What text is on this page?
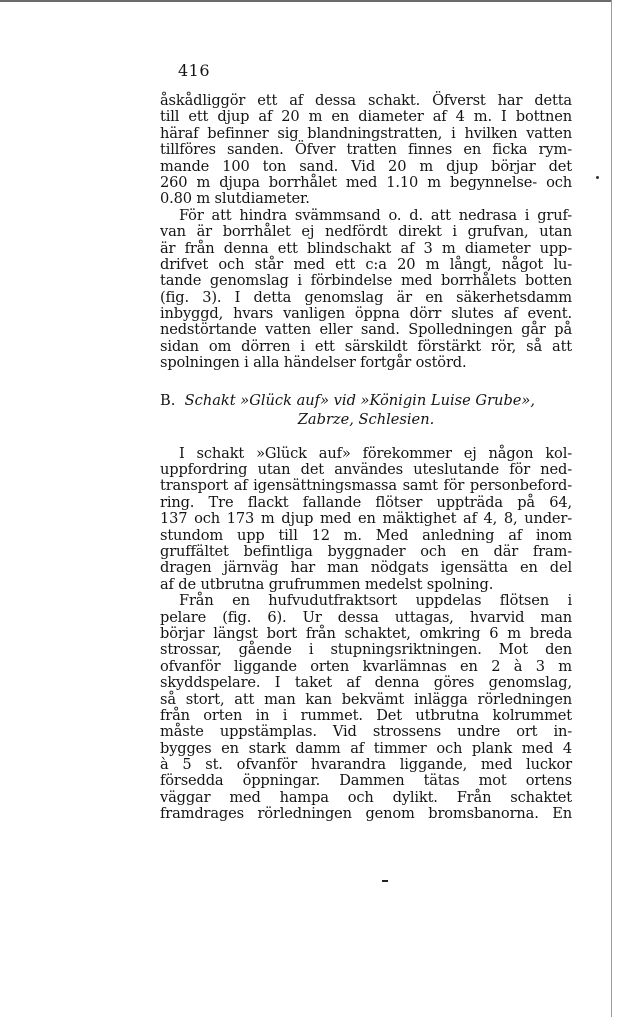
416
åskådliggör ett af dessa schakt. Öfverst har detta
till ett djup af 20 m en diameter af 4 m. I bottnen
häraf befinner sig blandningstratten, i hvilken vatten
tillföres sanden. Öfver tratten finnes en ficka rym-
mande 100 ton sand. Vid 20 m djup börjar det
260 m djupa borrhålet med 1.10 m begynnelse- och
0.80 m slutdiameter.
För att hindra svämmsand o. d. att nedrasa i gruf-
van är borrhålet ej nedfördt direkt i grufvan, utan
är från denna ett blindschakt af 3 m diameter upp-
drifvet och står med ett c:a 20 m långt, något lu-
tande genomslag i förbindelse med borrhålets botten
(fig. 3). I detta genomslag är en säkerhetsdamm
inbyggd, hvars vanligen öppna dörr slutes af event.
nedstörtande vatten eller sand. Spolledningen går på
sidan om dörren i ett särskildt förstärkt rör, så att
spolningen i alla händelser fortgår ostörd.
B. Schakt »Glück auf» vid »Königin Luise Grube»,
Zabrze, Schlesien.
I schakt »Glück auf» förekommer ej någon kol-
uppfordring utan det användes uteslutande för ned-
transport af igensättningsmassa samt för personbeford-
ring. Tre flackt fallande flötser uppträda på 64,
137 och 173 m djup med en mäktighet af 4, 8, under-
stundom upp till 12 m. Med anledning af inom
gruffältet befintliga byggnader och en där fram-
dragen järnväg har man nödgats igensätta en del
af de utbrutna grufrummen medelst spolning.
Från en hufvudutfraktsort uppdelas flötsen i
pelare (fig. 6). Ur dessa uttagas, hvarvid man
börjar längst bort från schaktet, omkring 6 m breda
strossar, gående i stupningsriktningen. Mot den
ofvanför liggande orten kvarlämnas en 2 à 3 m
skyddspelare. I taket af denna göres genomslag,
så stort, att man kan bekvämt inlägga rörledningen
från orten in i rummet. Det utbrutna kolrummet
måste uppstämplas. Vid strossens undre ort in-
bygges en stark damm af timmer och plank med 4
à 5 st. ofvanför hvarandra liggande, med luckor
försedda öppningar. Dammen tätas mot ortens
väggar med hampa och dylikt. Från schaktet
framdrages rörledningen genom bromsbanorna. En
